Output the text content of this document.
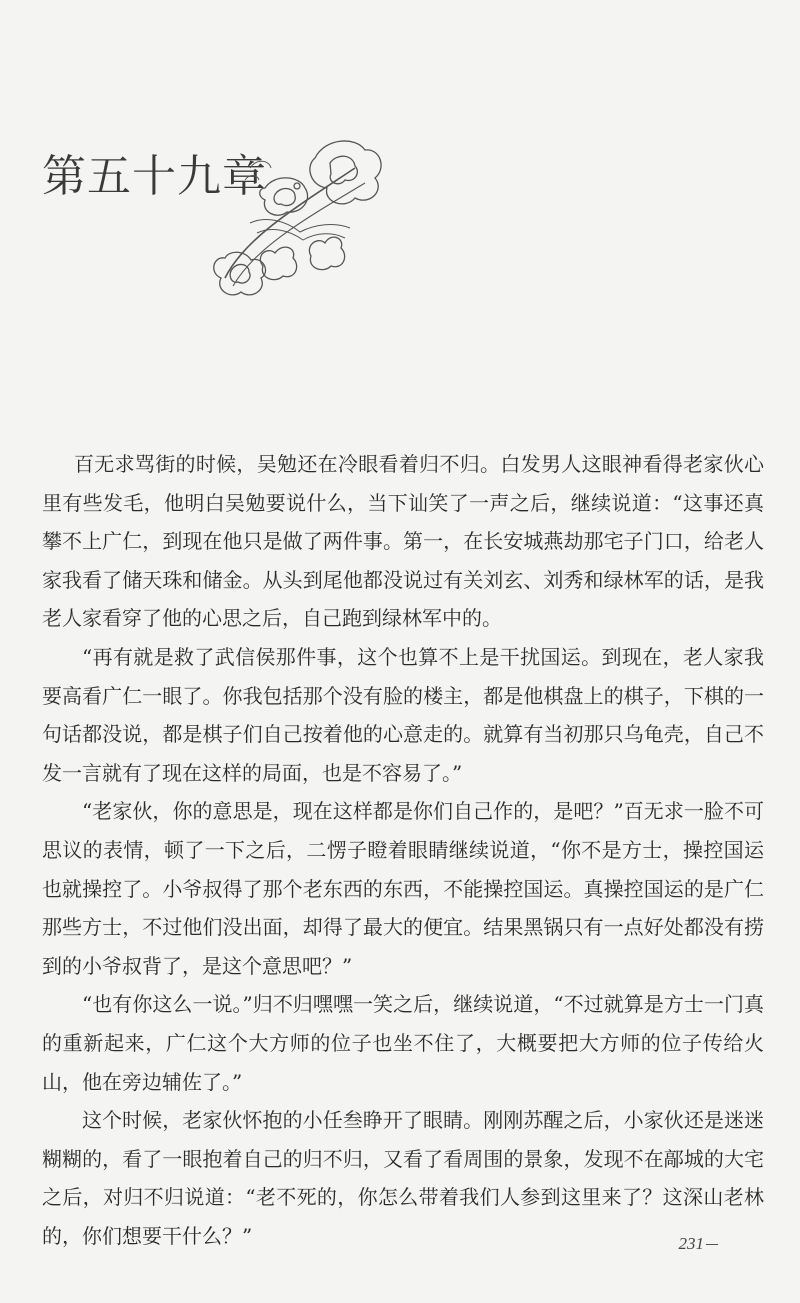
第五十九章

百无求骂街的时候，吴勉还在冷眼看着归不归。白发男人这眼神看得老家伙心里有些发毛，他明白吴勉要说什么，当下讪笑了一声之后，继续说道：“这事还真攀不上广仁，到现在他只是做了两件事。第一，在长安城燕劫那宅子门口，给老人家我看了储天珠和储金。从头到尾他都没说过有关刘玄、刘秀和绿林军的话，是我老人家看穿了他的心思之后，自己跑到绿林军中的。

“再有就是救了武信侯那件事，这个也算不上是干扰国运。到现在，老人家我要高看广仁一眼了。你我包括那个没有脸的楼主，都是他棋盘上的棋子，下棋的一句话都没说，都是棋子们自己按着他的心意走的。就算有当初那只乌龟壳，自己不发一言就有了现在这样的局面，也是不容易了。”

“老家伙，你的意思是，现在这样都是你们自己作的，是吧？”百无求一脸不可思议的表情，顿了一下之后，二愣子瞪着眼睛继续说道，“你不是方士，操控国运也就操控了。小爷叔得了那个老东西的东西，不能操控国运。真操控国运的是广仁那些方士，不过他们没出面，却得了最大的便宜。结果黑锅只有一点好处都没有捞到的小爷叔背了，是这个意思吧？”

“也有你这么一说。”归不归嘿嘿一笑之后，继续说道，“不过就算是方士一门真的重新起来，广仁这个大方师的位子也坐不住了，大概要把大方师的位子传给火山，他在旁边辅佐了。”

这个时候，老家伙怀抱的小任叁睁开了眼睛。刚刚苏醒之后，小家伙还是迷迷糊糊的，看了一眼抱着自己的归不归，又看了看周围的景象，发现不在鄗城的大宅之后，对归不归说道：“老不死的，你怎么带着我们人参到这里来了？这深山老林的，你们想要干什么？”	231
